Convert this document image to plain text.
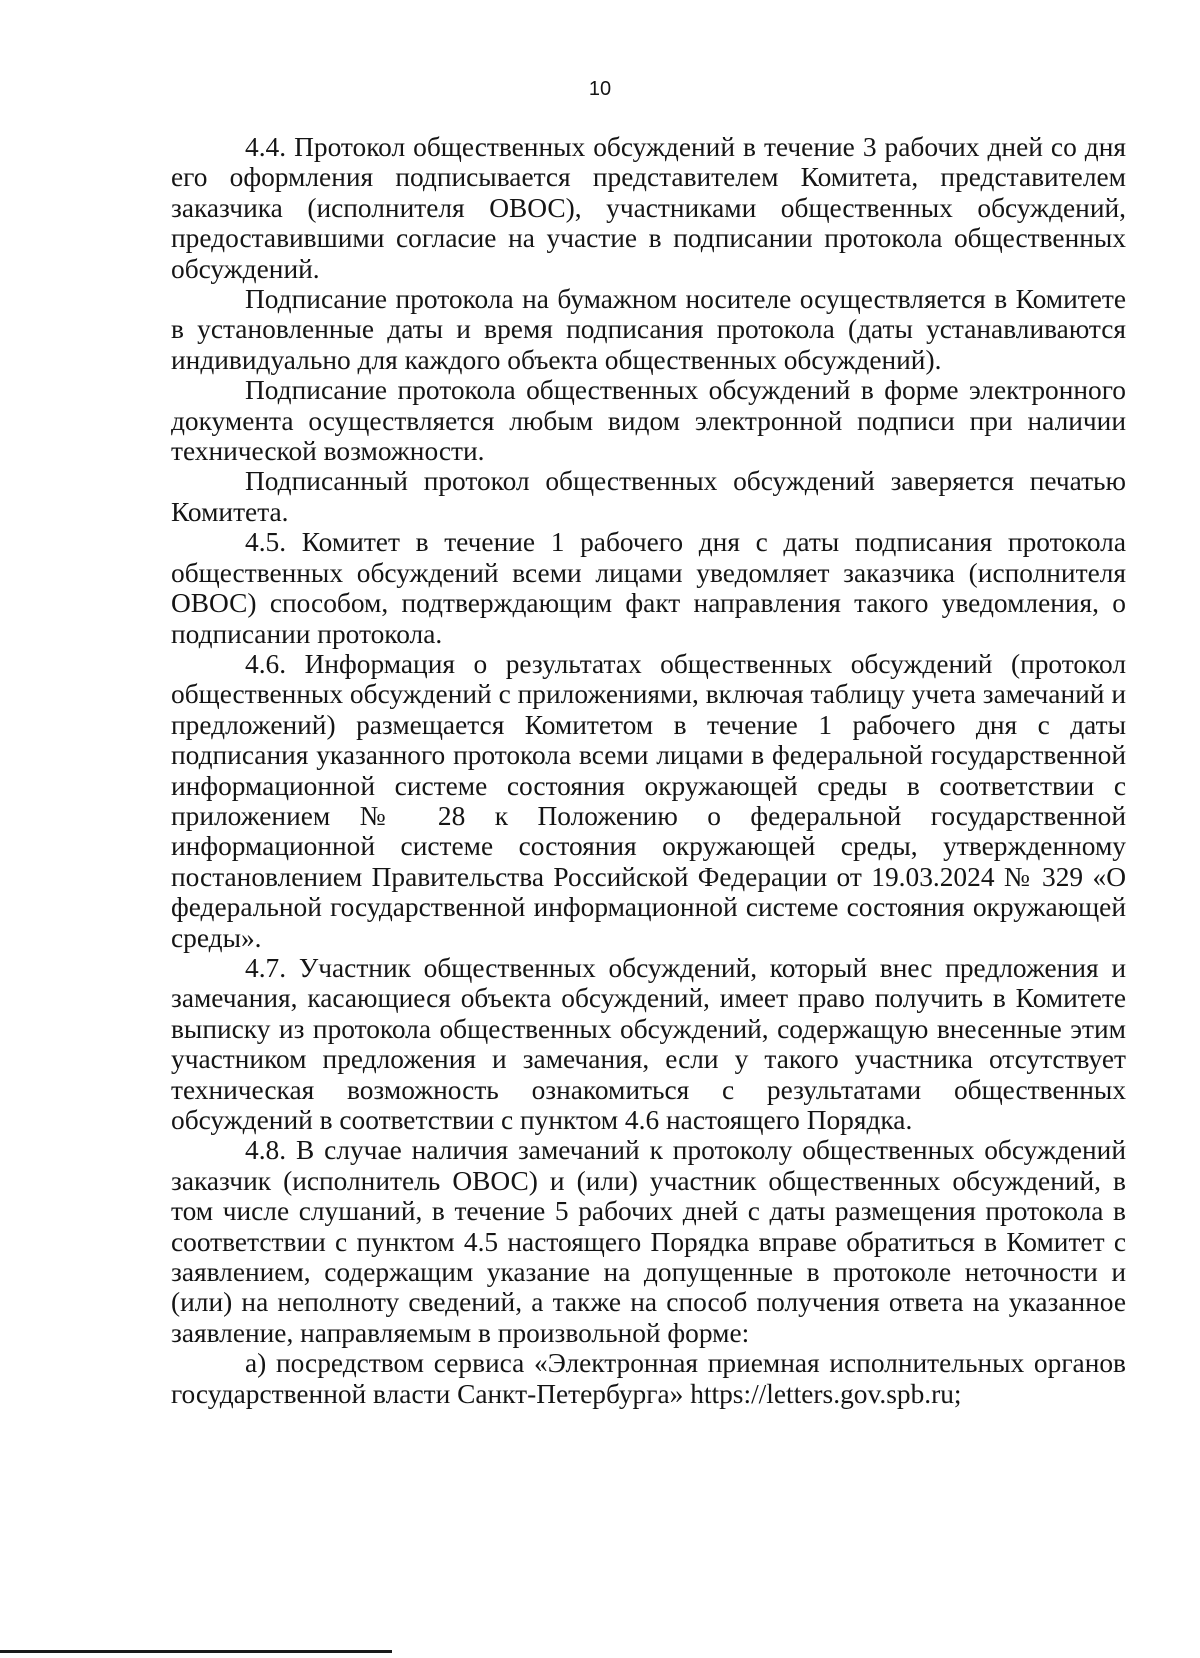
10

4.4. Протокол общественных обсуждений в течение 3 рабочих дней со дня его оформления подписывается представителем Комитета, представителем заказчика (исполнителя ОВОС), участниками общественных обсуждений, предоставившими согласие на участие в подписании протокола общественных обсуждений.

Подписание протокола на бумажном носителе осуществляется в Комитете в установленные даты и время подписания протокола (даты устанавливаются индивидуально для каждого объекта общественных обсуждений).

Подписание протокола общественных обсуждений в форме электронного документа осуществляется любым видом электронной подписи при наличии технической возможности.

Подписанный протокол общественных обсуждений заверяется печатью Комитета.

4.5. Комитет в течение 1 рабочего дня с даты подписания протокола общественных обсуждений всеми лицами уведомляет заказчика (исполнителя ОВОС) способом, подтверждающим факт направления такого уведомления, о подписании протокола.

4.6. Информация о результатах общественных обсуждений (протокол общественных обсуждений с приложениями, включая таблицу учета замечаний и предложений) размещается Комитетом в течение 1 рабочего дня с даты подписания указанного протокола всеми лицами в федеральной государственной информационной системе состояния окружающей среды в соответствии с приложением № 28 к Положению о федеральной государственной информационной системе состояния окружающей среды, утвержденному постановлением Правительства Российской Федерации от 19.03.2024 № 329 «О федеральной государственной информационной системе состояния окружающей среды».

4.7. Участник общественных обсуждений, который внес предложения и замечания, касающиеся объекта обсуждений, имеет право получить в Комитете выписку из протокола общественных обсуждений, содержащую внесенные этим участником предложения и замечания, если у такого участника отсутствует техническая возможность ознакомиться с результатами общественных обсуждений в соответствии с пунктом 4.6 настоящего Порядка.

4.8. В случае наличия замечаний к протоколу общественных обсуждений заказчик (исполнитель ОВОС) и (или) участник общественных обсуждений, в том числе слушаний, в течение 5 рабочих дней с даты размещения протокола в соответствии с пунктом 4.5 настоящего Порядка вправе обратиться в Комитет с заявлением, содержащим указание на допущенные в протоколе неточности и (или) на неполноту сведений, а также на способ получения ответа на указанное заявление, направляемым в произвольной форме:

а) посредством сервиса «Электронная приемная исполнительных органов государственной власти Санкт-Петербурга» https://letters.gov.spb.ru;
